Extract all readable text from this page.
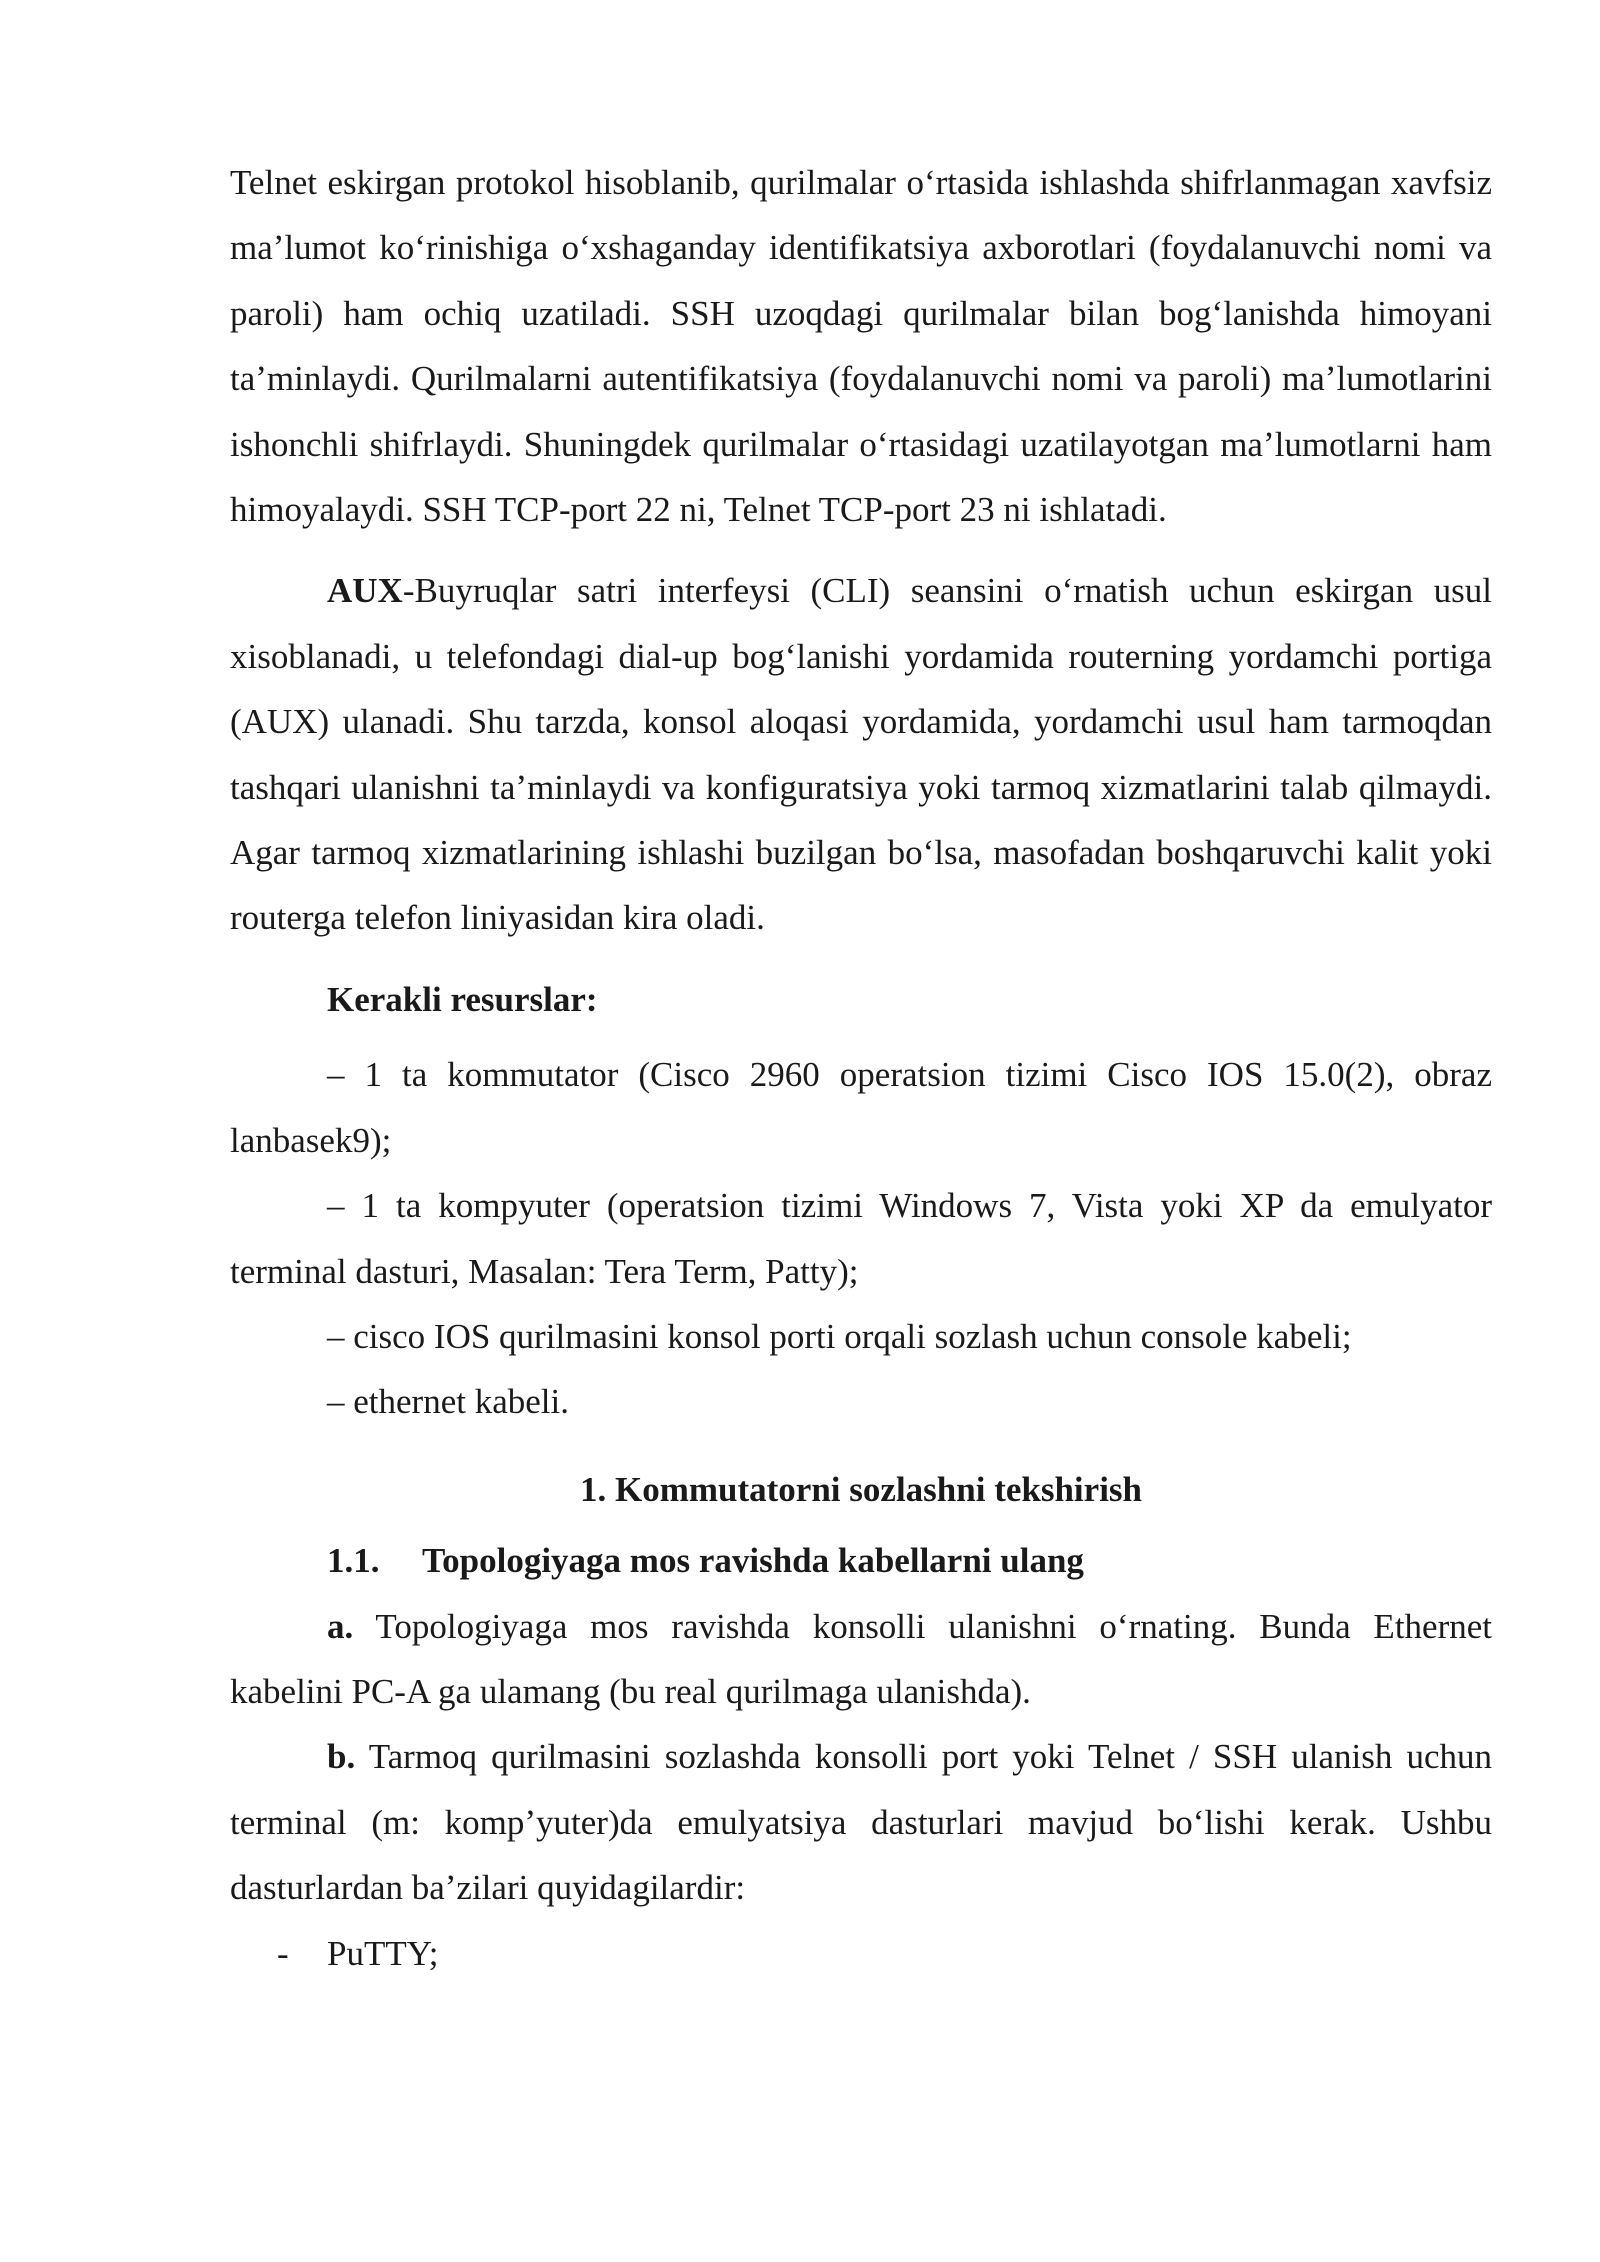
Telnet eskirgan protokol hisoblanib, qurilmalar oʻrtasida ishlashda shifrlanmagan xavfsiz maʼlumot koʻrinishiga oʻxshaganday identifikatsiya axborotlari (foydalanuvchi nomi va paroli) ham ochiq uzatiladi. SSH uzoqdagi qurilmalar bilan bogʻlanishda himoyani taʼminlaydi. Qurilmalarni autentifikatsiya (foydalanuvchi nomi va paroli) maʼlumotlarini ishonchli shifrlaydi. Shuningdek qurilmalar oʻrtasidagi uzatilayotgan maʼlumotlarni ham himoyalaydi. SSH TCP-port 22 ni, Telnet TCP-port 23 ni ishlatadi.

AUX-Buyruqlar satri interfeysi (CLI) seansini oʻrnatish uchun eskirgan usul xisoblanadi, u telefondagi dial-up bogʻlanishi yordamida routerning yordamchi portiga (AUX) ulanadi. Shu tarzda, konsol aloqasi yordamida, yordamchi usul ham tarmoqdan tashqari ulanishni taʼminlaydi va konfiguratsiya yoki tarmoq xizmatlarini talab qilmaydi. Agar tarmoq xizmatlarining ishlashi buzilgan boʻlsa, masofadan boshqaruvchi kalit yoki routerga telefon liniyasidan kira oladi.

Kerakli resurslar:

– 1 ta kommutator (Cisco 2960 operatsion tizimi Cisco IOS 15.0(2), obraz lanbasek9);

– 1 ta kompyuter (operatsion tizimi Windows 7, Vista yoki XP da emulyator terminal dasturi, Masalan: Tera Term, Patty);

– cisco IOS qurilmasini konsol porti orqali sozlash uchun console kabeli;

– ethernet kabeli.

1. Kommutatorni sozlashni tekshirish

1.1. Topologiyaga mos ravishda kabellarni ulang

a. Topologiyaga mos ravishda konsolli ulanishni oʻrnating. Bunda Ethernet kabelini PC-A ga ulamang (bu real qurilmaga ulanishda).

b. Tarmoq qurilmasini sozlashda konsolli port yoki Telnet / SSH ulanish uchun terminal (m: kompʼyuter)da emulyatsiya dasturlari mavjud boʻlishi kerak. Ushbu dasturlardan baʼzilari quyidagilardir:

- PuTTY;
